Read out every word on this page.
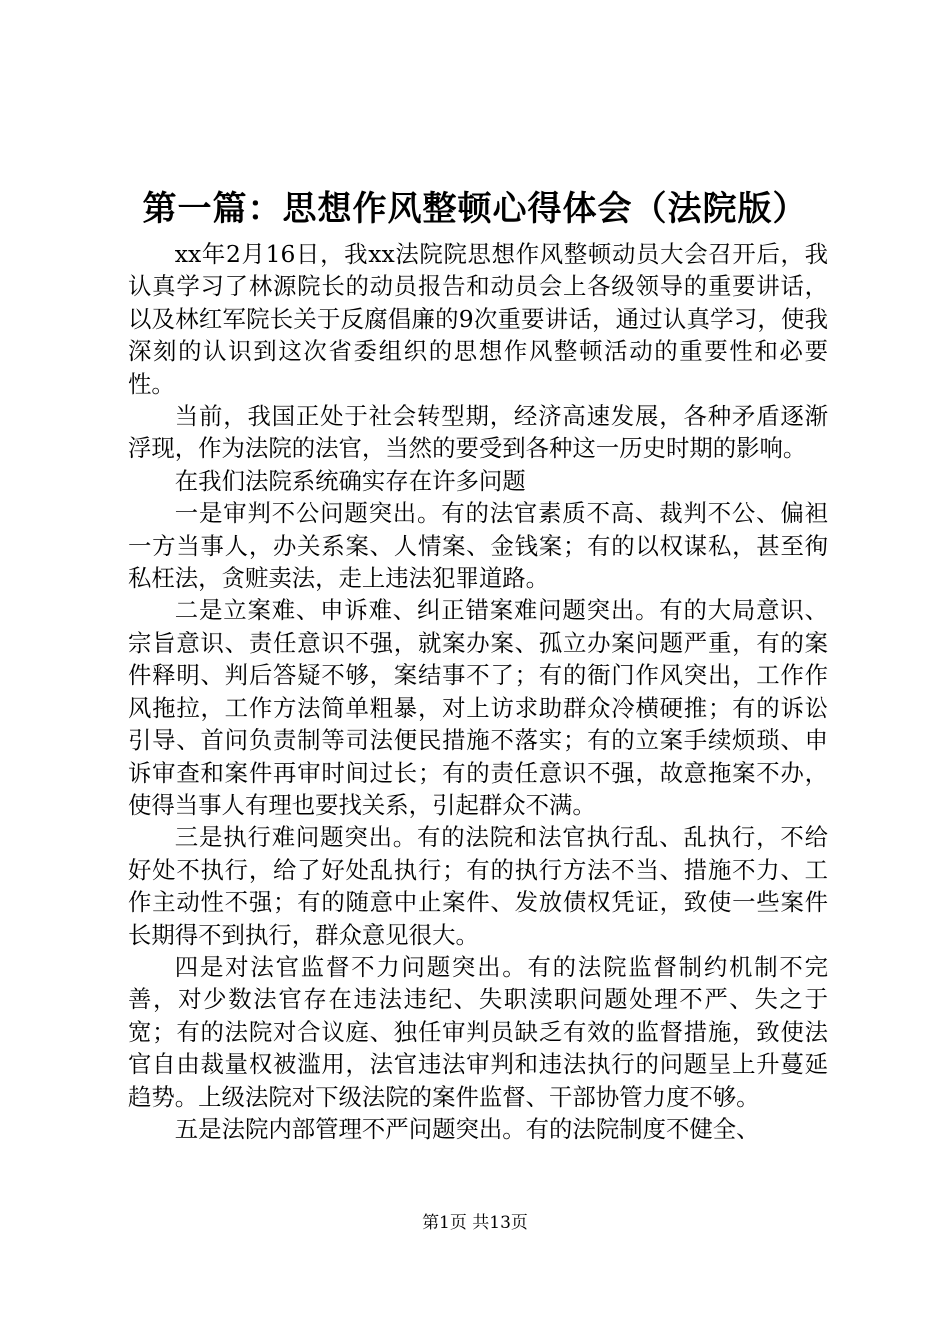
第一篇：思想作风整顿心得体会（法院版）

xx年2月16日，我xx法院院思想作风整顿动员大会召开后，我认真学习了林源院长的动员报告和动员会上各级领导的重要讲话，以及林红军院长关于反腐倡廉的9次重要讲话，通过认真学习，使我深刻的认识到这次省委组织的思想作风整顿活动的重要性和必要性。

当前，我国正处于社会转型期，经济高速发展，各种矛盾逐渐浮现，作为法院的法官，当然的要受到各种这一历史时期的影响。

在我们法院系统确实存在许多问题

一是审判不公问题突出。有的法官素质不高、裁判不公、偏袒一方当事人，办关系案、人情案、金钱案；有的以权谋私，甚至徇私枉法，贪赃卖法，走上违法犯罪道路。

二是立案难、申诉难、纠正错案难问题突出。有的大局意识、宗旨意识、责任意识不强，就案办案、孤立办案问题严重，有的案件释明、判后答疑不够，案结事不了；有的衙门作风突出，工作作风拖拉，工作方法简单粗暴，对上访求助群众冷横硬推；有的诉讼引导、首问负责制等司法便民措施不落实；有的立案手续烦琐、申诉审查和案件再审时间过长；有的责任意识不强，故意拖案不办，使得当事人有理也要找关系，引起群众不满。

三是执行难问题突出。有的法院和法官执行乱、乱执行，不给好处不执行，给了好处乱执行；有的执行方法不当、措施不力、工作主动性不强；有的随意中止案件、发放债权凭证，致使一些案件长期得不到执行，群众意见很大。

四是对法官监督不力问题突出。有的法院监督制约机制不完善，对少数法官存在违法违纪、失职渎职问题处理不严、失之于宽；有的法院对合议庭、独任审判员缺乏有效的监督措施，致使法官自由裁量权被滥用，法官违法审判和违法执行的问题呈上升蔓延趋势。上级法院对下级法院的案件监督、干部协管力度不够。

五是法院内部管理不严问题突出。有的法院制度不健全、

第1页 共13页
